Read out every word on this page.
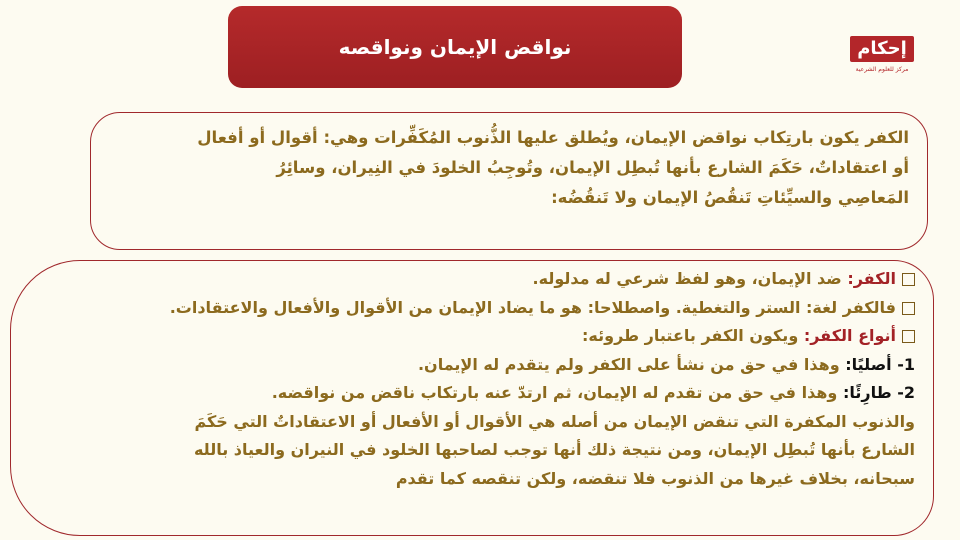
نواقض الإيمان ونواقصه	إحكام
مركز للعلوم الشرعية
الكفر يكون بارتِكاب نواقض الإيمان، ويُطلق عليها الذُّنوب المُكَفِّرات وهي: أقوال أو أفعال
أو اعتقاداتٌ، حَكَمَ الشارع بأنها تُبطِل الإيمان، وتُوجِبُ الخلودَ في النِيران، وسائِرُ
المَعاصِي والسيِّئاتِ تَنقُصُ الإيمان ولا تَنقُضُه:
الكفر: ضد الإيمان، وهو لفظ شرعي له مدلوله.
فالكفر لغة: الستر والتغطية. واصطلاحا: هو ما يضاد الإيمان من الأقوال والأفعال والاعتقادات.
أنواع الكفر: ويكون الكفر باعتبار طروئه:
1- أصليًا: وهذا في حق من نشأ على الكفر ولم يتقدم له الإيمان.
2- طارِئًا: وهذا في حق من تقدم له الإيمان، ثم ارتدّ عنه بارتكاب ناقض من نواقضه.
والذنوب المكفرة التي تنقض الإيمان من أصله هي الأقوال أو الأفعال أو الاعتقاداتٌ التي حَكَمَ
الشارع بأنها تُبطِل الإيمان، ومن نتيجة ذلك أنها توجب لصاحبها الخلود في النيران والعياذ بالله
سبحانه، بخلاف غيرها من الذنوب فلا تنقضه، ولكن تنقصه كما تقدم
